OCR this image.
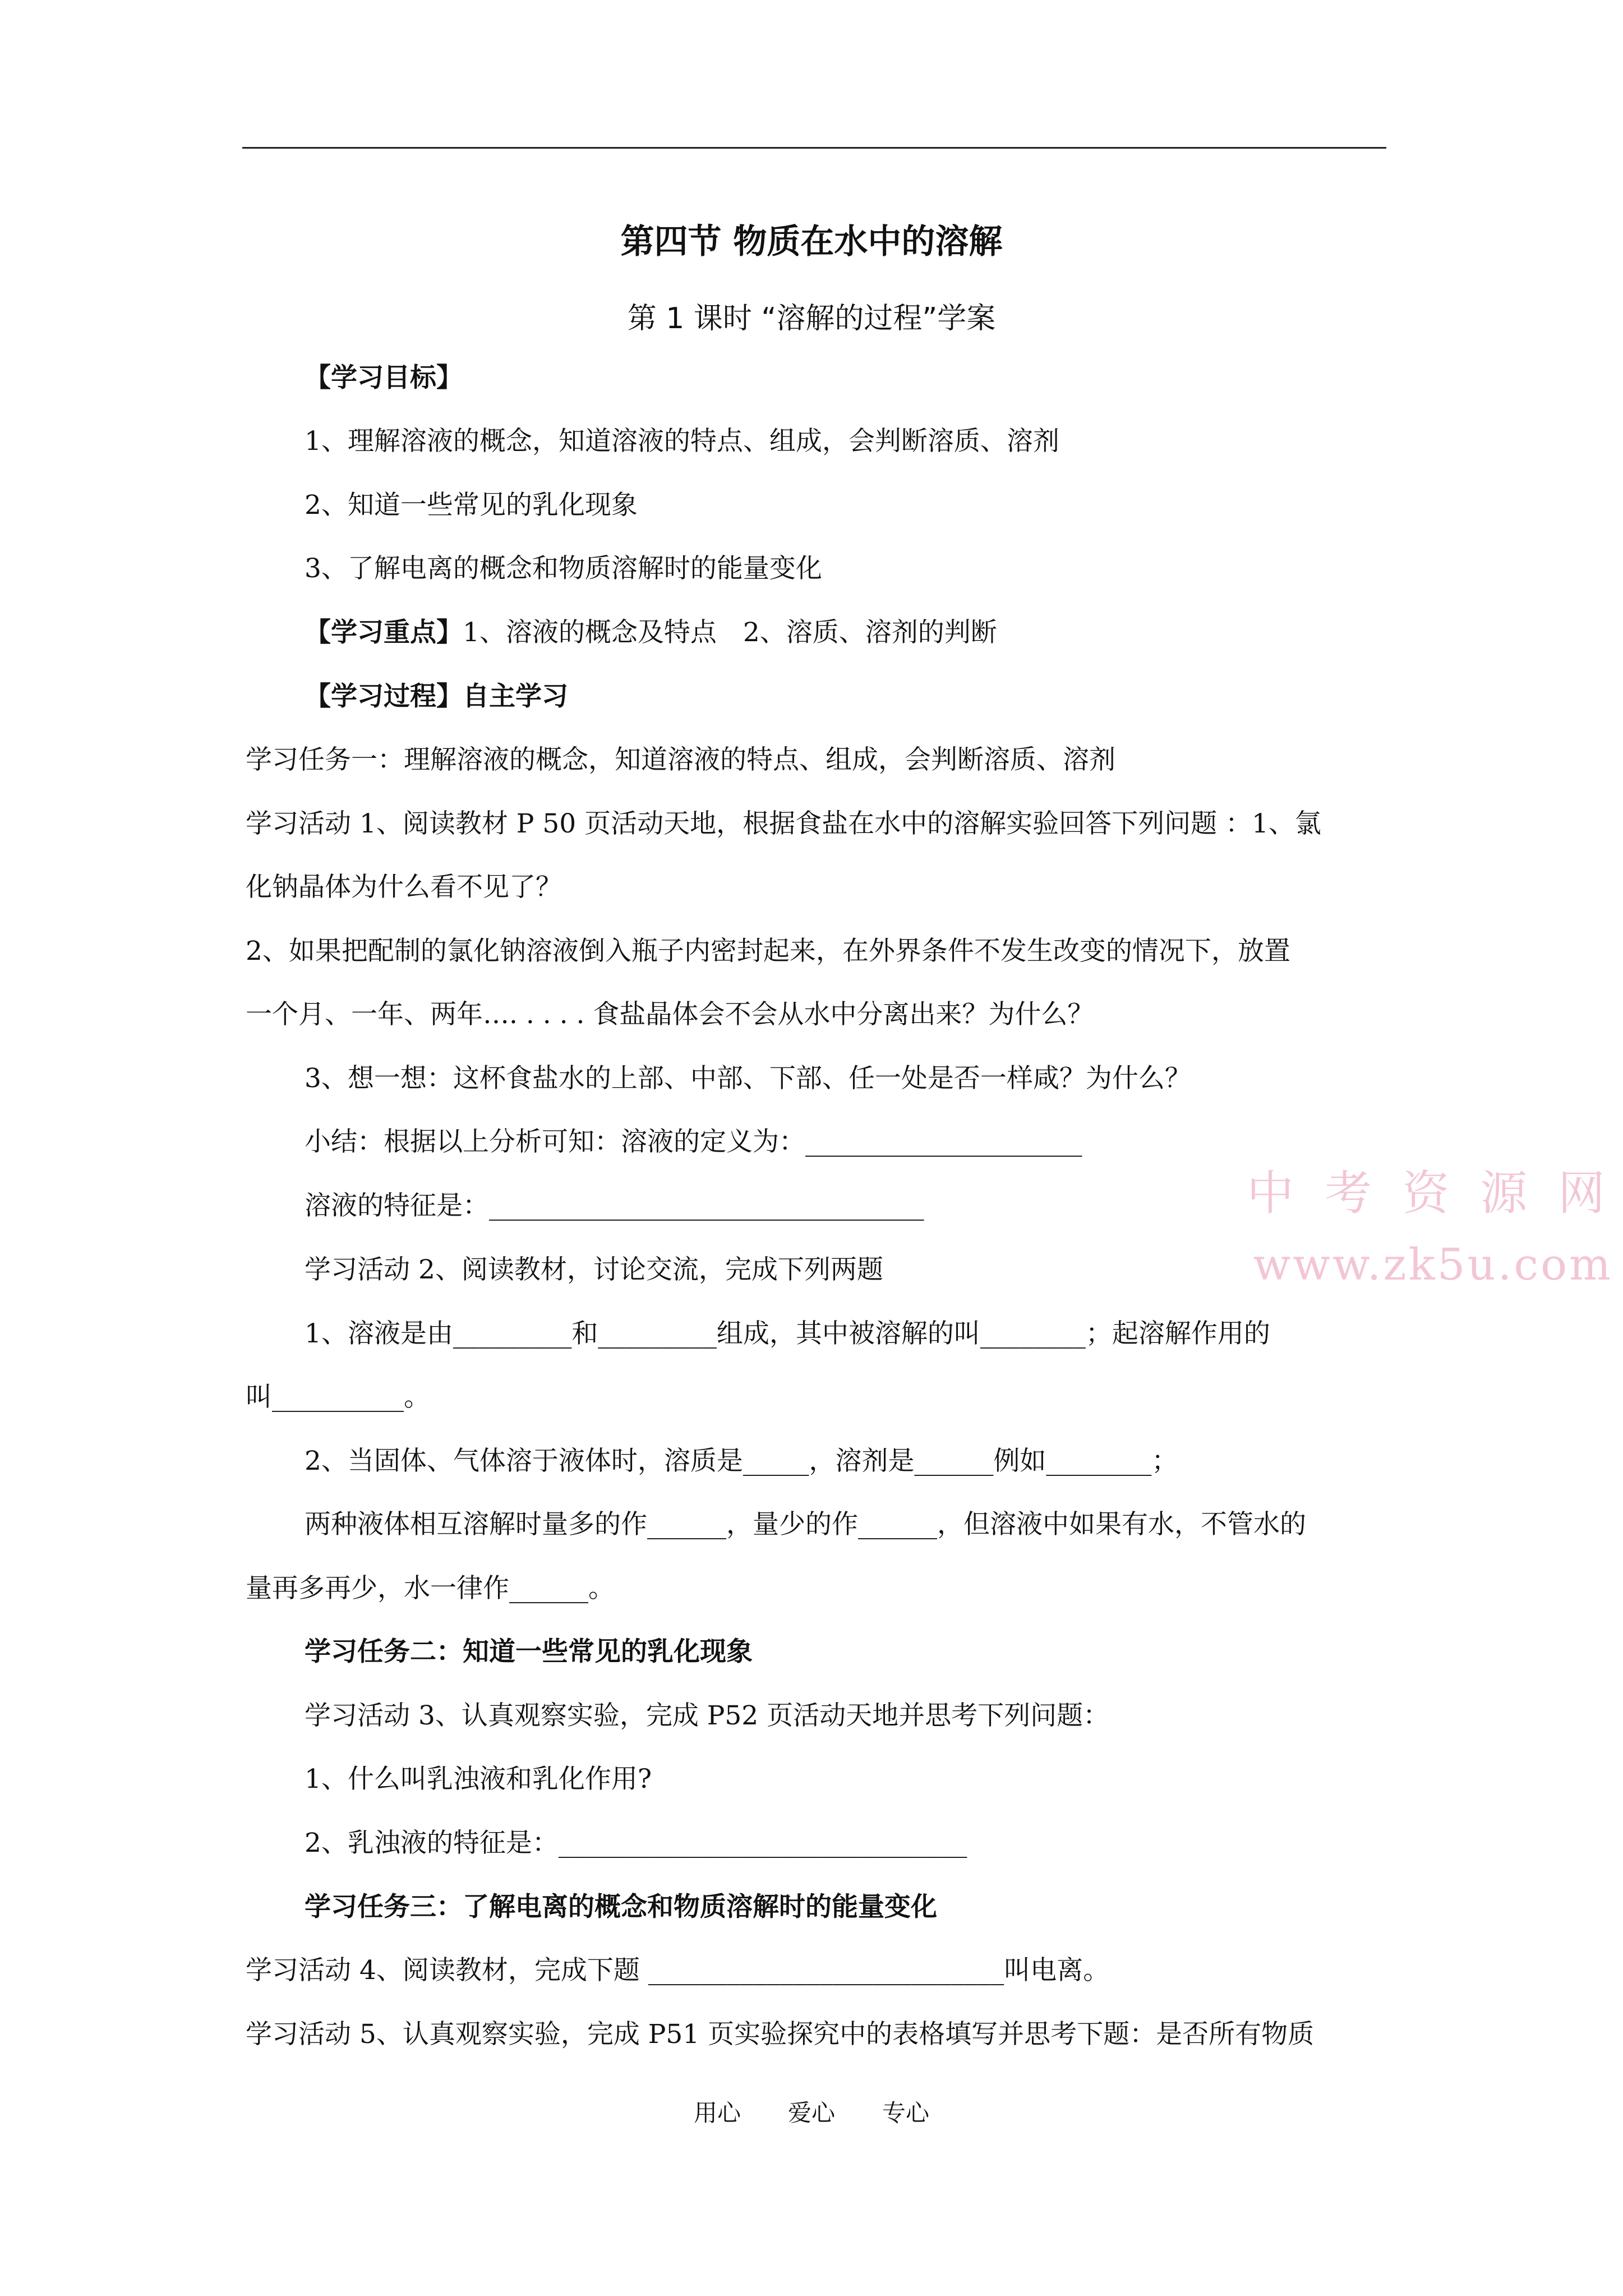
第四节 物质在水中的溶解
第 1 课时 “溶解的过程”学案
【学习目标】
1、理解溶液的概念，知道溶液的特点、组成，会判断溶质、溶剂
2、知道一些常见的乳化现象
3、了解电离的概念和物质溶解时的能量变化
【学习重点】1、溶液的概念及特点　2、溶质、溶剂的判断
【学习过程】自主学习
学习任务一：理解溶液的概念，知道溶液的特点、组成，会判断溶质、溶剂
学习活动 1、阅读教材 P 50 页活动天地，根据食盐在水中的溶解实验回答下列问题 ：1、氯
化钠晶体为什么看不见了？
2、如果把配制的氯化钠溶液倒入瓶子内密封起来，在外界条件不发生改变的情况下，放置
一个月、一年、两年…. . . . . 食盐晶体会不会从水中分离出来？为什么？
3、想一想：这杯食盐水的上部、中部、下部、任一处是否一样咸？为什么？
小结：根据以上分析可知：溶液的定义为：_____________________
溶液的特征是：_________________________________
学习活动 2、阅读教材，讨论交流，完成下列两题
1、溶液是由_________和_________组成，其中被溶解的叫________；起溶解作用的
叫__________。
2、当固体、气体溶于液体时，溶质是_____，溶剂是______例如________；
两种液体相互溶解时量多的作______，量少的作______，但溶液中如果有水，不管水的
量再多再少，水一律作______。
学习任务二：知道一些常见的乳化现象
学习活动 3、认真观察实验，完成 P52 页活动天地并思考下列问题：
1、什么叫乳浊液和乳化作用?
2、乳浊液的特征是：_______________________________
学习任务三：了解电离的概念和物质溶解时的能量变化
学习活动 4、阅读教材，完成下题 ___________________________叫电离。
学习活动 5、认真观察实验，完成 P51 页实验探究中的表格填写并思考下题：是否所有物质
中 考 资 源 网
www.zk5u.com
用心　　爱心　　专心
